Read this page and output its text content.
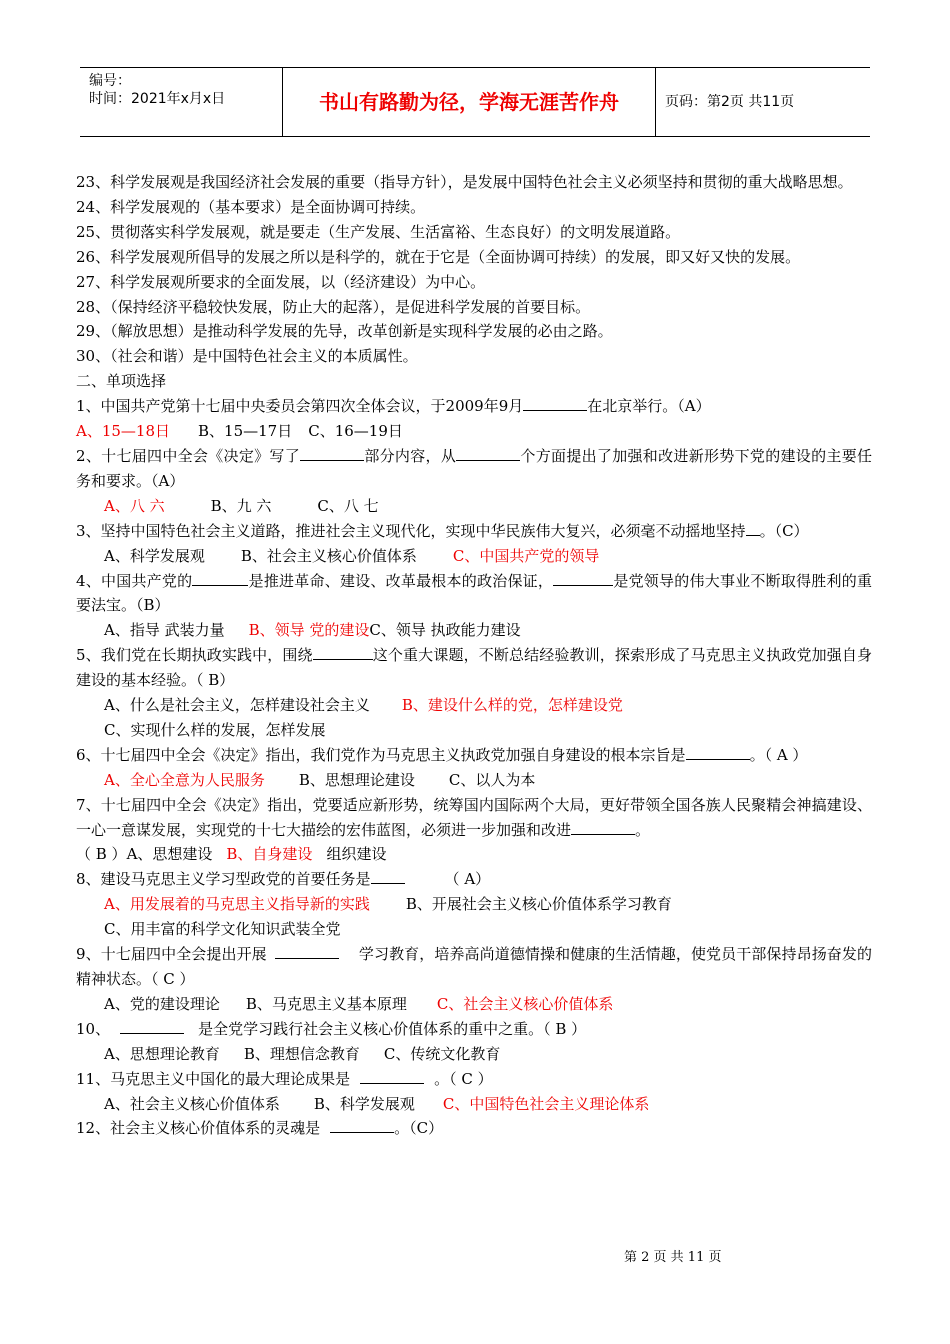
编号：
时间：2021年x月x日	书山有路勤为径，学海无涯苦作舟	页码：第2页 共11页

23、科学发展观是我国经济社会发展的重要（指导方针），是发展中国特色社会主义必须坚持和贯彻的重大战略思想。

24、科学发展观的（基本要求）是全面协调可持续。

25、贯彻落实科学发展观，就是要走（生产发展、生活富裕、生态良好）的文明发展道路。

26、科学发展观所倡导的发展之所以是科学的，就在于它是（全面协调可持续）的发展，即又好又快的发展。

27、科学发展观所要求的全面发展，以（经济建设）为中心。

28、（保持经济平稳较快发展，防止大的起落），是促进科学发展的首要目标。

29、（解放思想）是推动科学发展的先导，改革创新是实现科学发展的必由之路。

30、（社会和谐）是中国特色社会主义的本质属性。

二、单项选择

1、中国共产党第十七届中央委员会第四次全体会议，于2009年9月	在北京举行。（A）

A、15—18日 B、15—17日 C、16—19日

2、十七届四中全会《决定》写了	部分内容，从	个方面提出了加强和改进新形势下党的建设的主要任务和要求。（A）

A、八 六	B、九 六	C、八 七

3、坚持中国特色社会主义道路，推进社会主义现代化，实现中华民族伟大复兴，必须毫不动摇地坚持 。（C）

A、科学发展观 B、社会主义核心价值体系 C、中国共产党的领导

4、中国共产党的	是推进革命、建设、改革最根本的政治保证，	是党领导的伟大事业不断取得胜利的重要法宝。（B）

A、指导 武装力量 B、领导 党的建设C、领导 执政能力建设

5、我们党在长期执政实践中，围绕	这个重大课题，不断总结经验教训，探索形成了马克思主义执政党加强自身建设的基本经验。（ B）

A、什么是社会主义，怎样建设社会主义 B、建设什么样的党，怎样建设党

C、实现什么样的发展，怎样发展

6、十七届四中全会《决定》指出，我们党作为马克思主义执政党加强自身建设的根本宗旨是	。（ A ）

A、全心全意为人民服务 B、思想理论建设 C、以人为本

7、十七届四中全会《决定》指出，党要适应新形势，统筹国内国际两个大局，更好带领全国各族人民聚精会神搞建设、一心一意谋发展，实现党的十七大描绘的宏伟蓝图，必须进一步加强和改进	。

（ B ）A、思想建设 B、自身建设 组织建设

8、建设马克思主义学习型政党的首要任务是	（ A）

A、用发展着的马克思主义指导新的实践 B、开展社会主义核心价值体系学习教育

C、用丰富的科学文化知识武装全党

9、十七届四中全会提出开展	学习教育，培养高尚道德情操和健康的生活情趣，使党员干部保持昂扬奋发的精神状态。（ C ）

A、党的建设理论 B、马克思主义基本原理 C、社会主义核心价值体系

10、	是全党学习践行社会主义核心价值体系的重中之重。（ B ）

A、思想理论教育 B、理想信念教育 C、传统文化教育

11、马克思主义中国化的最大理论成果是	。（ C ）

A、社会主义核心价值体系 B、科学发展观 C、中国特色社会主义理论体系

12、社会主义核心价值体系的灵魂是	。（C）

第 2 页 共 11 页
